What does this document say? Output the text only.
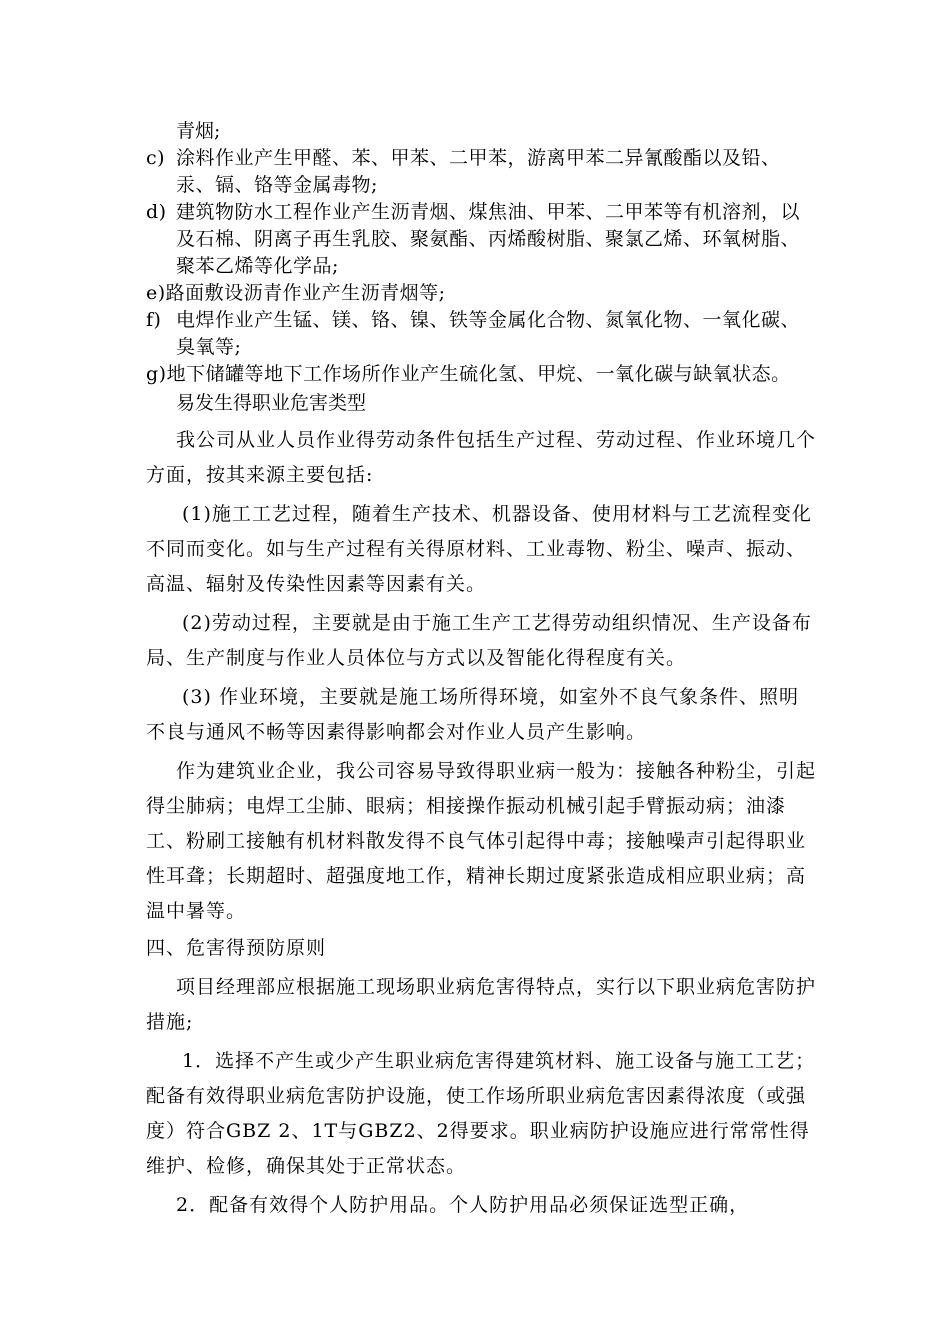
青烟;
c) 涂料作业产生甲醛、苯、甲苯、二甲苯，游离甲苯二异氰酸酯以及铅、汞、镉、铬等金属毒物;
d) 建筑物防水工程作业产生沥青烟、煤焦油、甲苯、二甲苯等有机溶剂，以及石棉、阴离子再生乳胶、聚氨酯、丙烯酸树脂、聚氯乙烯、环氧树脂、聚苯乙烯等化学品;
e) 路面敷设沥青作业产生沥青烟等;
f) 电焊作业产生锰、镁、铬、镍、铁等金属化合物、氮氧化物、一氧化碳、臭氧等;
g) 地下储罐等地下工作场所作业产生硫化氢、甲烷、一氧化碳与缺氧状态。
易发生得职业危害类型
我公司从业人员作业得劳动条件包括生产过程、劳动过程、作业环境几个方面，按其来源主要包括:
(1)施工工艺过程，随着生产技术、机器设备、使用材料与工艺流程变化不同而变化。如与生产过程有关得原材料、工业毒物、粉尘、噪声、振动、高温、辐射及传染性因素等因素有关。
(2)劳动过程，主要就是由于施工生产工艺得劳动组织情况、生产设备布局、生产制度与作业人员体位与方式以及智能化得程度有关。
(3) 作业环境，主要就是施工场所得环境，如室外不良气象条件、照明不良与通风不畅等因素得影响都会对作业人员产生影响。
作为建筑业企业，我公司容易导致得职业病一般为：接触各种粉尘，引起得尘肺病；电焊工尘肺、眼病；相接操作振动机械引起手臂振动病；油漆工、粉刷工接触有机材料散发得不良气体引起得中毒；接触噪声引起得职业性耳聋；长期超时、超强度地工作，精神长期过度紧张造成相应职业病；高温中暑等。
四、危害得预防原则
项目经理部应根据施工现场职业病危害得特点，实行以下职业病危害防护措施;
1．选择不产生或少产生职业病危害得建筑材料、施工设备与施工工艺；配备有效得职业病危害防护设施，使工作场所职业病危害因素得浓度（或强度）符合GBZ 2、1T与GBZ2、2得要求。职业病防护设施应进行常常性得维护、检修，确保其处于正常状态。
2．配备有效得个人防护用品。个人防护用品必须保证选型正确，
